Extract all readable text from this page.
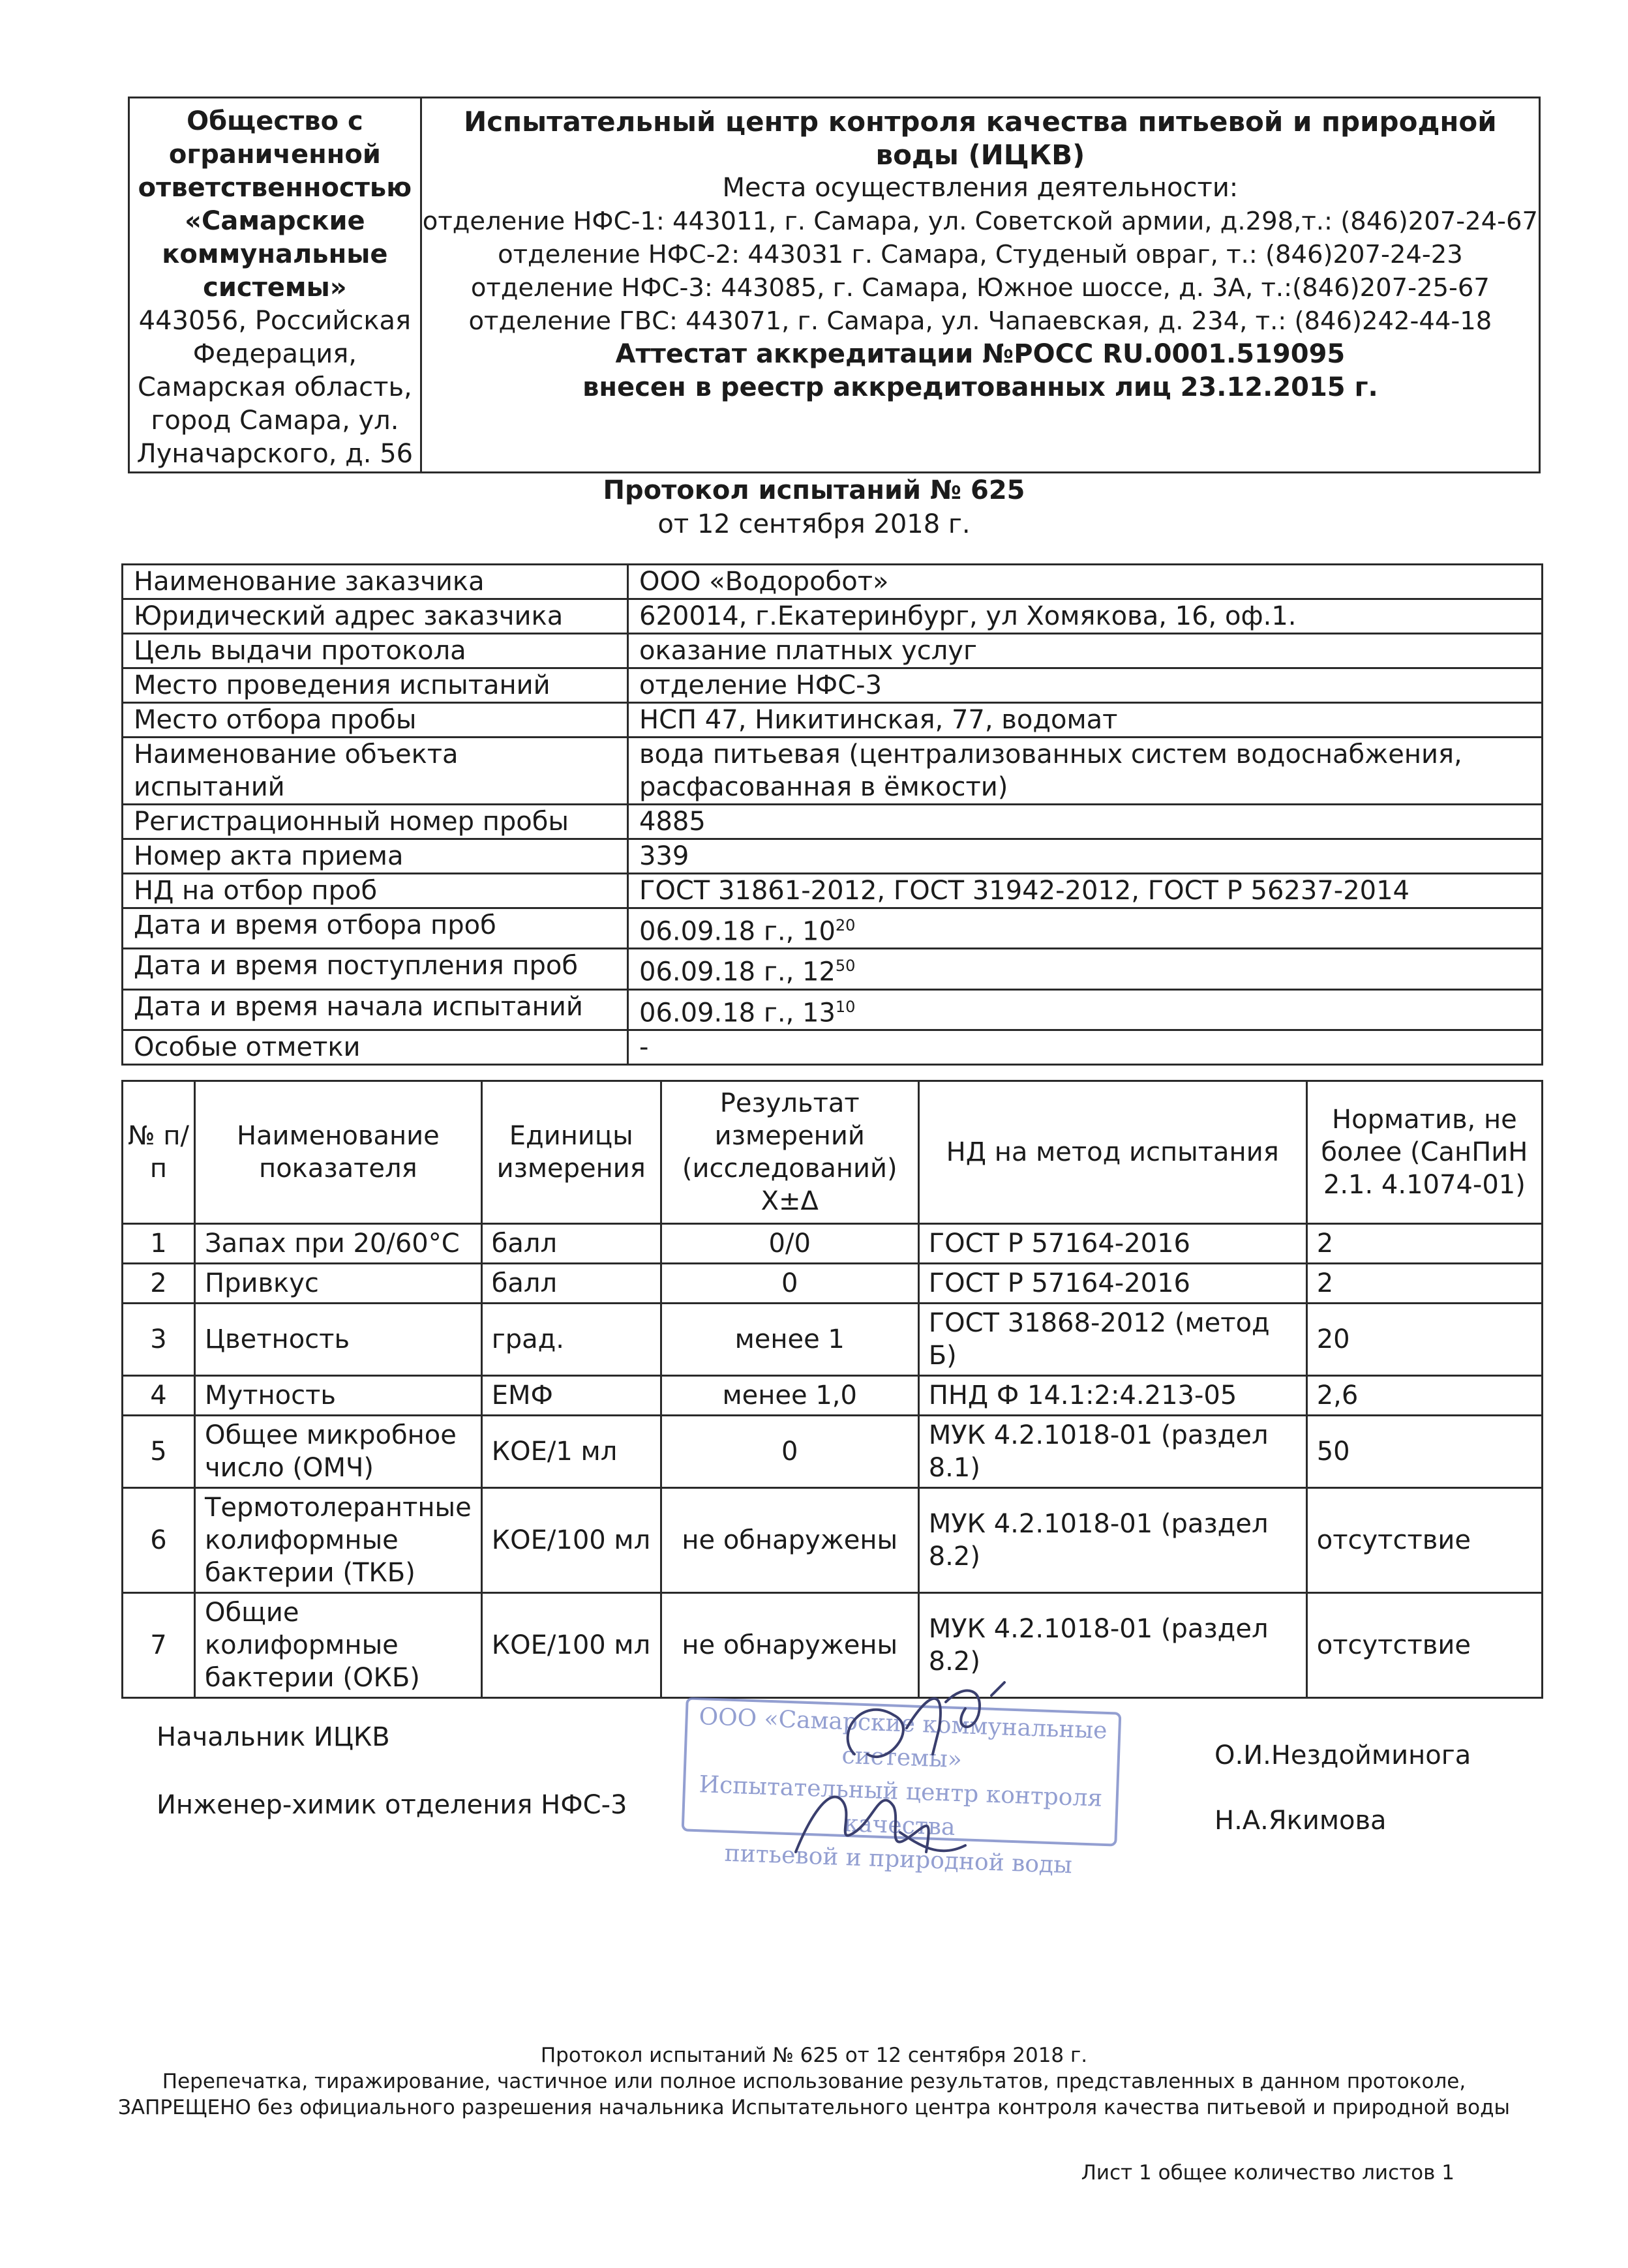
Общество с ограниченной ответственностью «Самарские коммунальные системы»
443056, Российская Федерация, Самарская область, город Самара, ул. Луначарского, д. 56	
Испытательный центр контроля качества питьевой и природной воды (ИЦКВ)
Места осуществления деятельности:
отделение НФС-1: 443011, г. Самара, ул. Советской армии, д.298,т.: (846)207-24-67
отделение НФС-2: 443031 г. Самара, Студеный овраг, т.: (846)207-24-23
отделение НФС-3: 443085, г. Самара, Южное шоссе, д. 3А, т.:(846)207-25-67
отделение ГВС: 443071, г. Самара, ул. Чапаевская, д. 234, т.: (846)242-44-18
Аттестат аккредитации №РОСС RU.0001.519095
внесен в реестр аккредитованных лиц 23.12.2015 г.
Протокол испытаний № 625
от 12 сентября 2018 г.
Наименование заказчика	ООО «Водоробот»
Юридический адрес заказчика	620014, г.Екатеринбург, ул Хомякова, 16, оф.1.
Цель выдачи протокола	оказание платных услуг
Место проведения испытаний	отделение НФС-3
Место отбора пробы	НСП 47, Никитинская, 77, водомат
Наименование объекта испытаний	вода питьевая (централизованных систем водоснабжения, расфасованная в ёмкости)
Регистрационный номер пробы	4885
Номер акта приема	339
НД на отбор проб	ГОСТ 31861-2012, ГОСТ 31942-2012, ГОСТ Р 56237-2014
Дата и время отбора проб	06.09.18 г., $10^{20}$
Дата и время поступления проб	06.09.18 г., $12^{50}$
Дата и время начала испытаний	06.09.18 г., $13^{10}$
Особые отметки	-
№ п/п	Наименование показателя	Единицы измерения	Результат измерений (исследований) X±Δ	НД на метод испытания	Норматив, не более (СанПиН 2.1. 4.1074-01)
1	Запах при 20/60°С	балл	0/0	ГОСТ Р 57164-2016	2
2	Привкус	балл	0	ГОСТ Р 57164-2016	2
3	Цветность	град.	менее 1	ГОСТ 31868-2012 (метод Б)	20
4	Мутность	ЕМФ	менее 1,0	ПНД Ф 14.1:2:4.213-05	2,6
5	Общее микробное число (ОМЧ)	КОЕ/1 мл	0	МУК 4.2.1018-01 (раздел 8.1)	50
6	Термотолерантные колиформные бактерии (ТКБ)	КОЕ/100 мл	не обнаружены	МУК 4.2.1018-01 (раздел 8.2)	отсутствие
7	Общие колиформные бактерии (ОКБ)	КОЕ/100 мл	не обнаружены	МУК 4.2.1018-01 (раздел 8.2)	отсутствие
Начальник ИЦКВ
О.И.Нездойминога
Инженер-химик отделения НФС-3
Н.А.Якимова
ООО «Самарские коммунальные системы»
Испытательный центр контроля качества
питьевой и природной воды
Протокол испытаний № 625 от 12 сентября 2018 г.
Перепечатка, тиражирование, частичное или полное использование результатов, представленных в данном протоколе,
ЗАПРЕЩЕНО без официального разрешения начальника Испытательного центра контроля качества питьевой и природной воды
Лист 1 общее количество листов 1
